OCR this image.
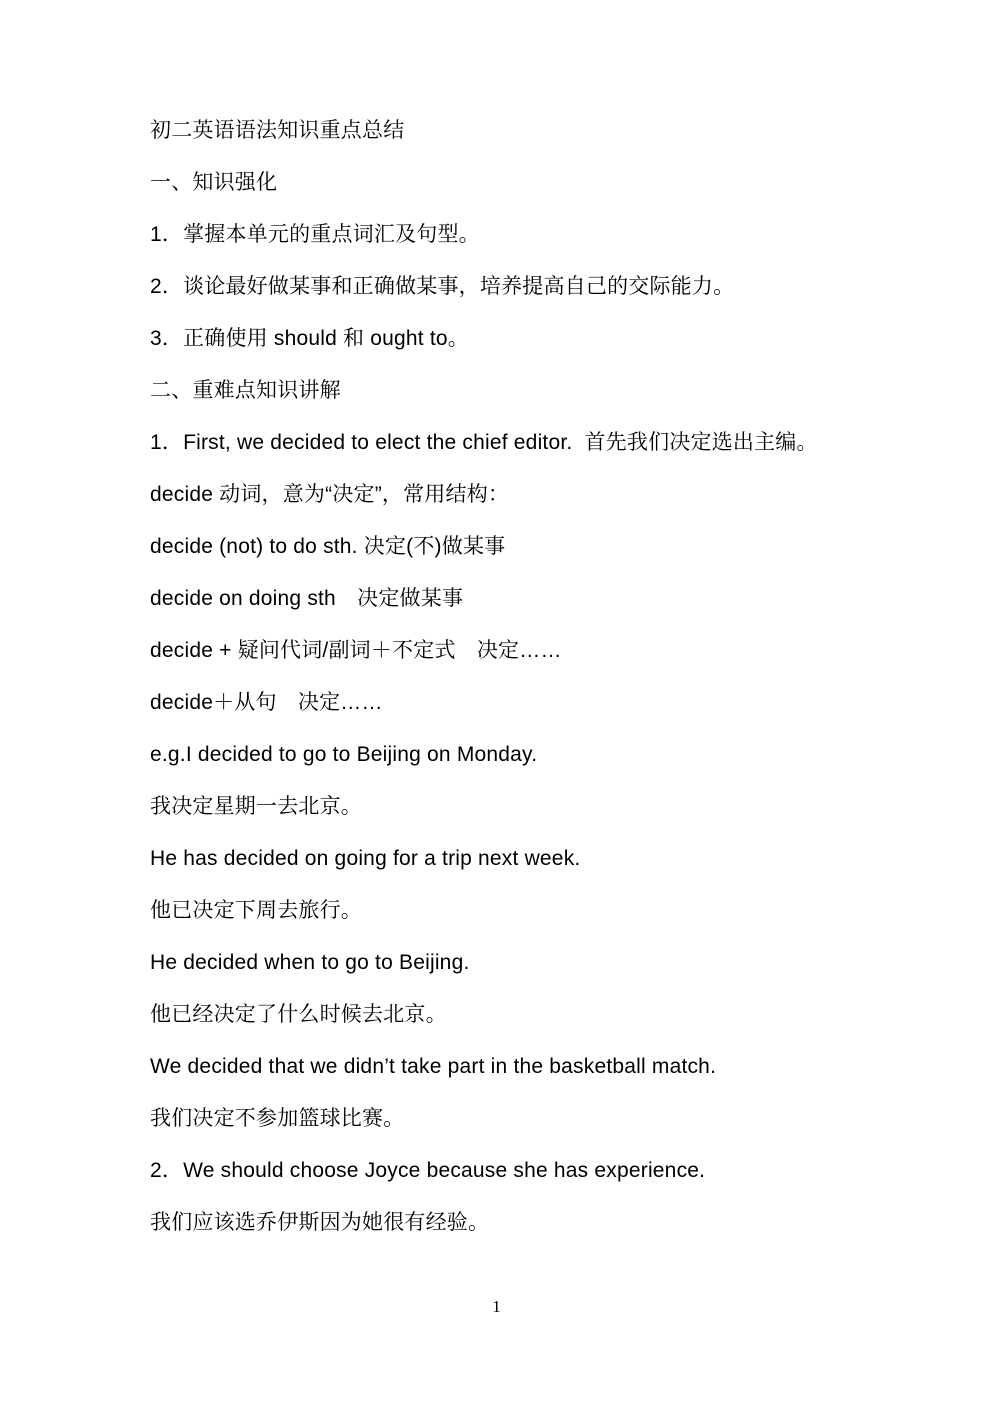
初二英语语法知识重点总结

一、知识强化

1．掌握本单元的重点词汇及句型。

2．谈论最好做某事和正确做某事，培养提高自己的交际能力。

3．正确使用 should 和 ought to。

二、重难点知识讲解

1．First, we decided to elect the chief editor.  首先我们决定选出主编。

decide 动词，意为“决定”，常用结构：

decide (not) to do sth. 决定(不)做某事

decide on doing sth　决定做某事

decide + 疑问代词/副词＋不定式　决定……

decide＋从句　决定……

e.g.I decided to go to Beijing on Monday.

我决定星期一去北京。

He has decided on going for a trip next week.

他已决定下周去旅行。

He decided when to go to Beijing.

他已经决定了什么时候去北京。

We decided that we didn’t take part in the basketball match.

我们决定不参加篮球比赛。

2．We should choose Joyce because she has experience.

我们应该选乔伊斯因为她很有经验。

1
